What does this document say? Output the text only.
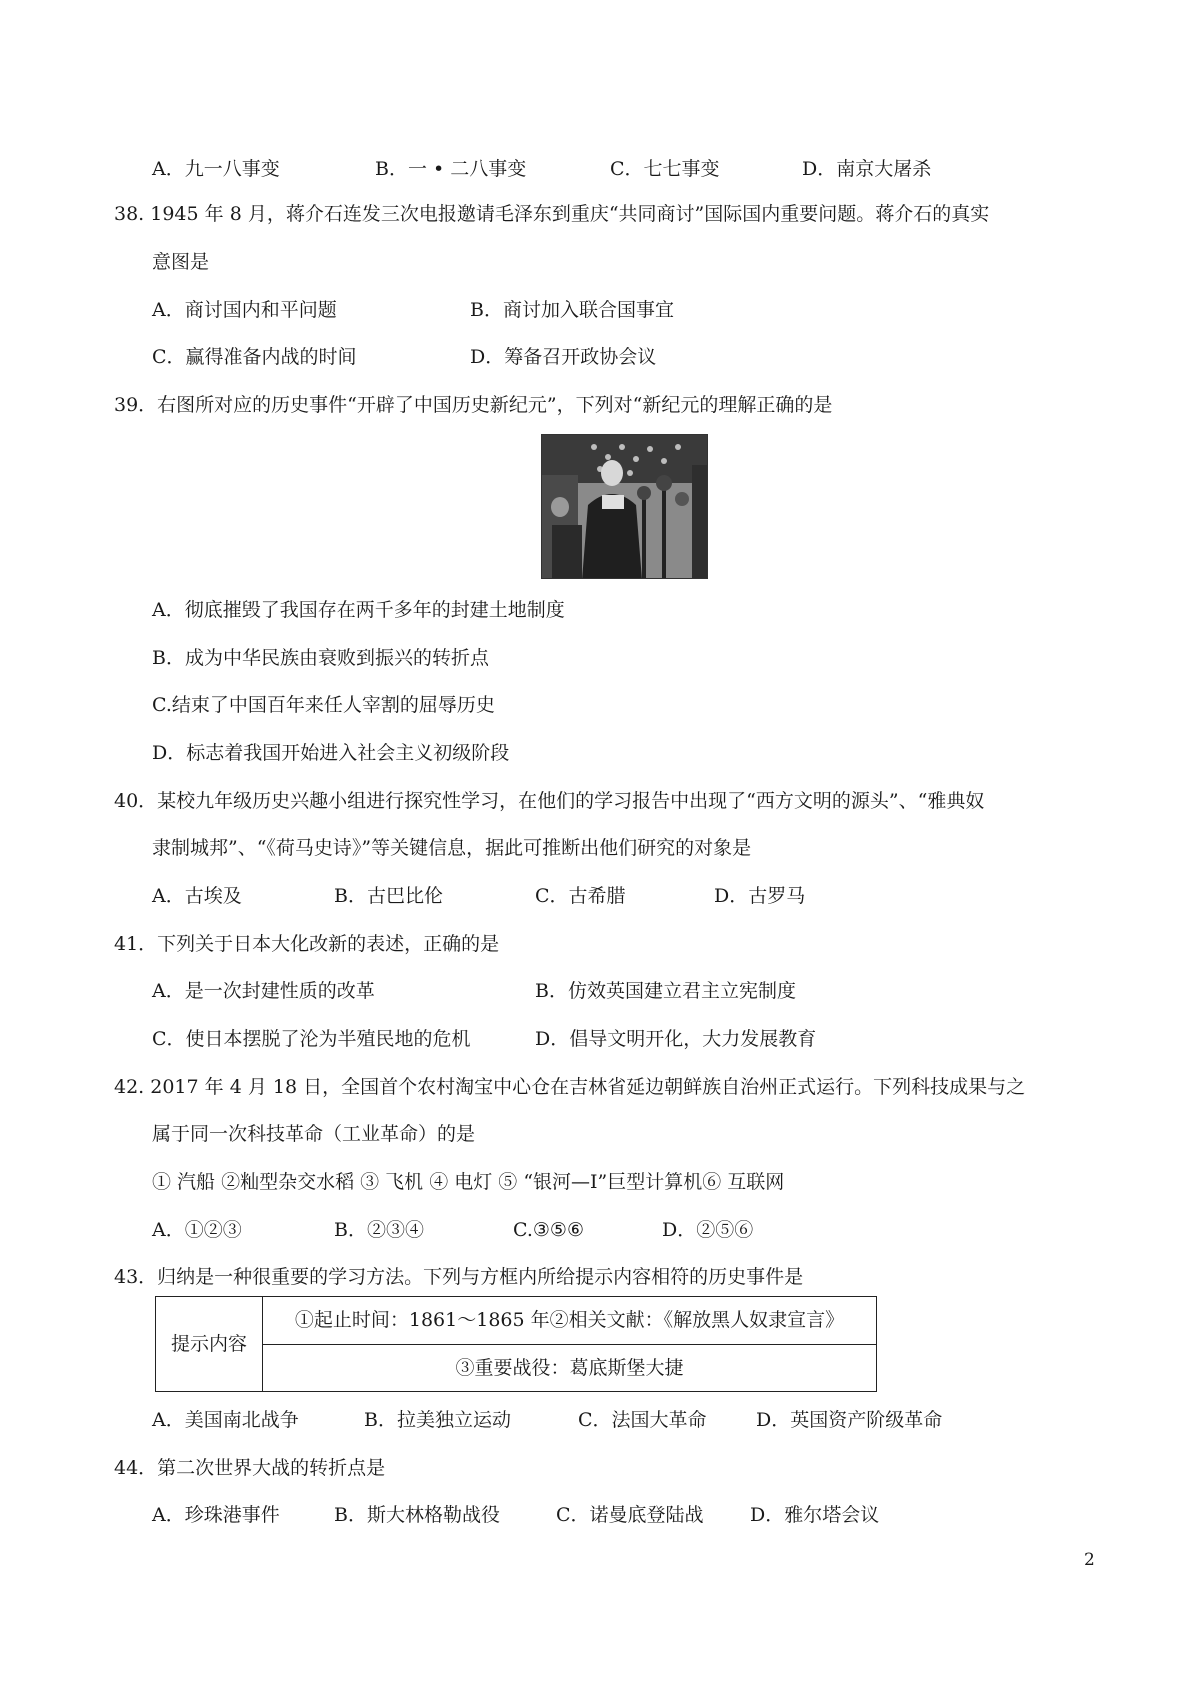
A．九一八事变	B．一 • 二八事变	C．七七事变	D．南京大屠杀
38. 1945 年 8 月，蒋介石连发三次电报邀请毛泽东到重庆“共同商讨”国际国内重要问题。蒋介石的真实
意图是
A．商讨国内和平问题	B．商讨加入联合国事宜
C．赢得准备内战的时间	D．筹备召开政协会议
39．右图所对应的历史事件“开辟了中国历史新纪元”，下列对“新纪元的理解正确的是
A．彻底摧毁了我国存在两千多年的封建土地制度
B．成为中华民族由衰败到振兴的转折点
C.结束了中国百年来任人宰割的屈辱历史
D．标志着我国开始进入社会主义初级阶段
40．某校九年级历史兴趣小组进行探究性学习，在他们的学习报告中出现了“西方文明的源头”、“雅典奴
隶制城邦”、“《荷马史诗》”等关键信息，据此可推断出他们研究的对象是
A．古埃及	B．古巴比伦	C．古希腊	D．古罗马
41．下列关于日本大化改新的表述，正确的是
A．是一次封建性质的改革	B．仿效英国建立君主立宪制度
C．使日本摆脱了沦为半殖民地的危机	D．倡导文明开化，大力发展教育
42. 2017 年 4 月 18 日，全国首个农村淘宝中心仓在吉林省延边朝鲜族自治州正式运行。下列科技成果与之
属于同一次科技革命（工业革命）的是
① 汽船 ②籼型杂交水稻 ③ 飞机 ④ 电灯 ⑤ “银河—I”巨型计算机⑥ 互联网
A．①②③	B．②③④	C.③⑤⑥	D．②⑤⑥
43．归纳是一种很重要的学习方法。下列与方框内所给提示内容相符的历史事件是
提示内容	①起止时间：1861～1865 年②相关文献：《解放黑人奴隶宣言》
③重要战役：葛底斯堡大捷
A．美国南北战争	B．拉美独立运动	C．法国大革命	D．英国资产阶级革命
44．第二次世界大战的转折点是
A．珍珠港事件	B．斯大林格勒战役	C．诺曼底登陆战 D．雅尔塔会议
2
